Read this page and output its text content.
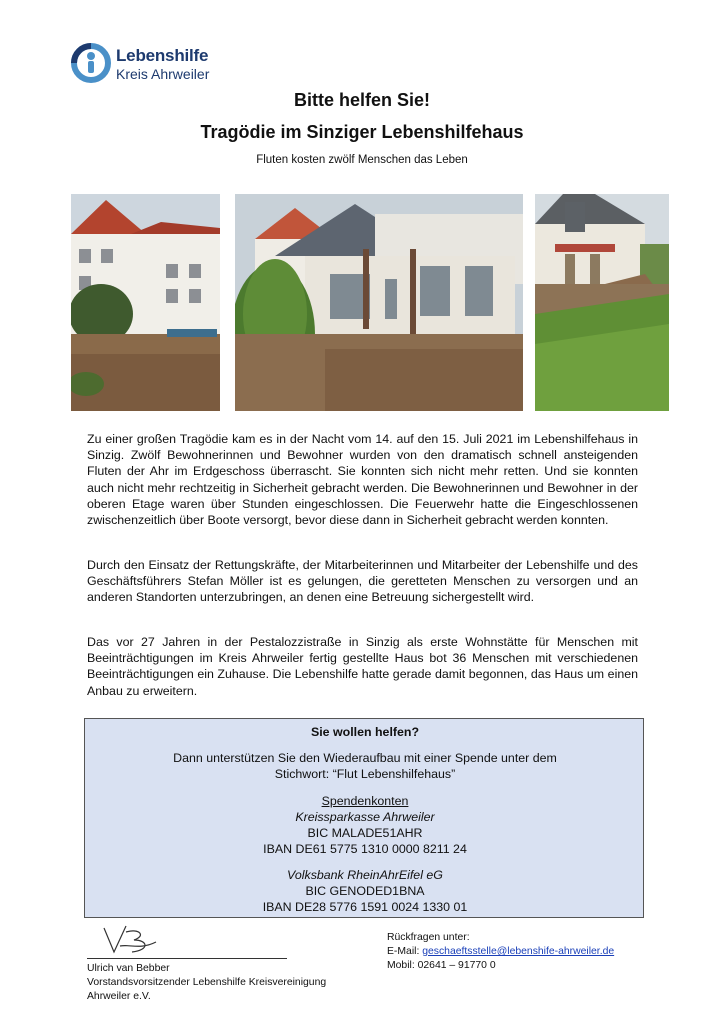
Lebenshilfe
Kreis Ahrweiler
Bitte helfen Sie!
Tragödie im Sinziger Lebenshilfehaus
Fluten kosten zwölf Menschen das Leben
Zu einer großen Tragödie kam es in der Nacht vom 14. auf den 15. Juli 2021 im Lebenshilfehaus in Sinzig. Zwölf Bewohnerinnen und Bewohner wurden von den dramatisch schnell ansteigenden Fluten der Ahr im Erdgeschoss überrascht. Sie konnten sich nicht mehr retten. Und sie konnten auch nicht mehr rechtzeitig in Sicherheit gebracht werden. Die Bewohnerinnen und Bewohner in der oberen Etage waren über Stunden eingeschlossen. Die Feuerwehr hatte die Eingeschlossenen zwischenzeitlich über Boote versorgt, bevor diese dann in Sicherheit gebracht werden konnten.
Durch den Einsatz der Rettungskräfte, der Mitarbeiterinnen und Mitarbeiter der Lebenshilfe und des Geschäftsführers Stefan Möller ist es gelungen, die geretteten Menschen zu versorgen und an anderen Standorten unterzubringen, an denen eine Betreuung sichergestellt wird.
Das vor 27 Jahren in der Pestalozzistraße in Sinzig als erste Wohnstätte für Menschen mit Beeinträchtigungen im Kreis Ahrweiler fertig gestellte Haus bot 36 Menschen mit verschiedenen Beeinträchtigungen ein Zuhause. Die Lebenshilfe hatte gerade damit begonnen, das Haus um einen Anbau zu erweitern.
Sie wollen helfen?
Dann unterstützen Sie den Wiederaufbau mit einer Spende unter dem
Stichwort: “Flut Lebenshilfehaus”
Spendenkonten
Kreissparkasse Ahrweiler
BIC MALADE51AHR
IBAN DE61 5775 1310 0000 8211 24
Volksbank RheinAhrEifel eG
BIC GENODED1BNA
IBAN DE28 5776 1591 0024 1330 01
Ulrich van Bebber
Vorstandsvorsitzender Lebenshilfe Kreisvereinigung
Ahrweiler e.V.
Rückfragen unter:
E-Mail: geschaeftsstelle@lebenshife-ahrweiler.de
Mobil: 02641 – 91770 0
